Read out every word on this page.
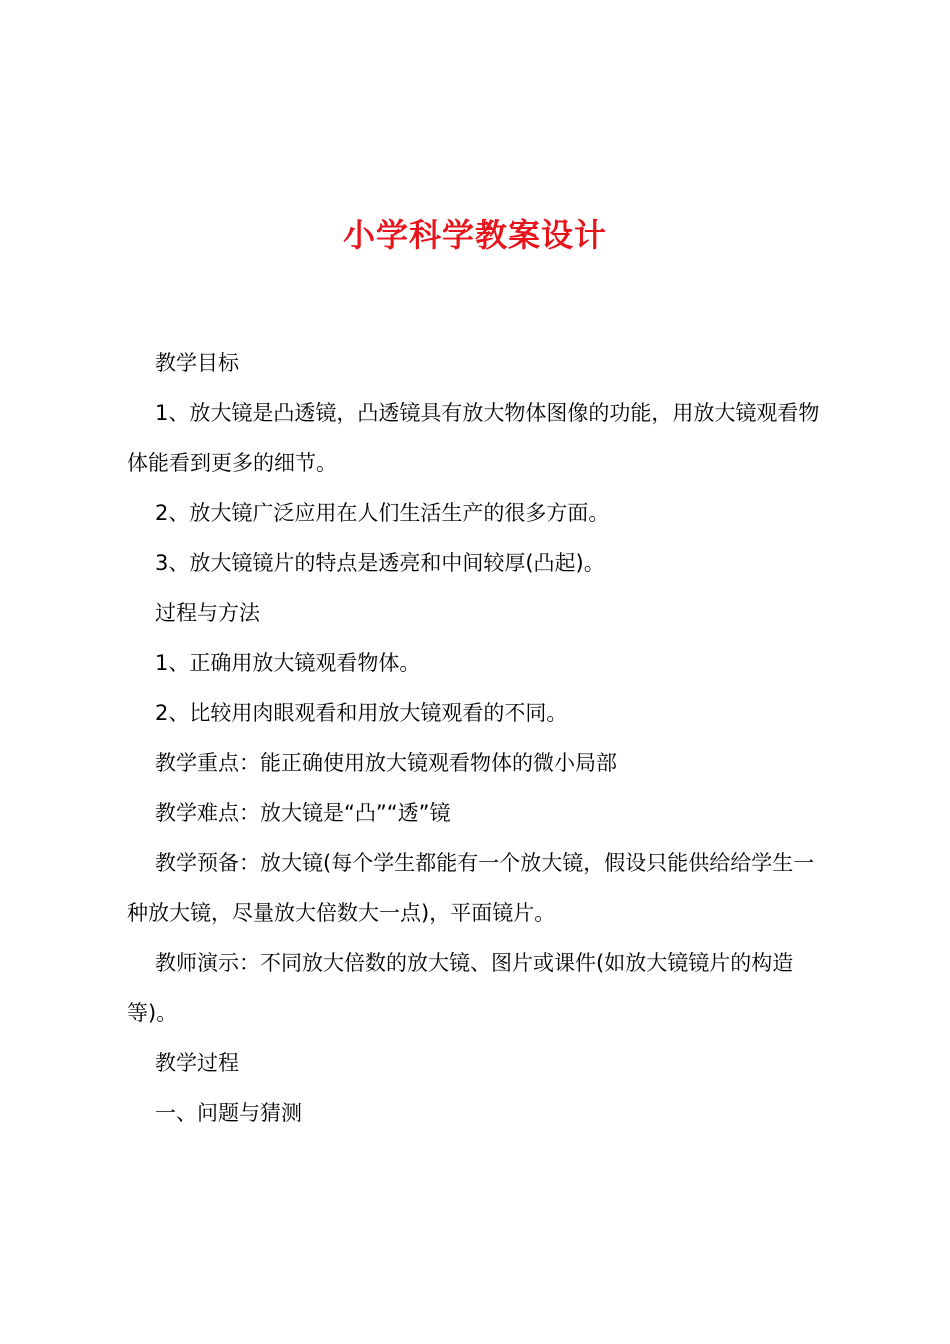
小学科学教案设计

教学目标

1、放大镜是凸透镜，凸透镜具有放大物体图像的功能，用放大镜观看物体能看到更多的细节。

2、放大镜广泛应用在人们生活生产的很多方面。

3、放大镜镜片的特点是透亮和中间较厚(凸起)。

过程与方法

1、正确用放大镜观看物体。

2、比较用肉眼观看和用放大镜观看的不同。

教学重点：能正确使用放大镜观看物体的微小局部

教学难点：放大镜是“凸”“透”镜

教学预备：放大镜(每个学生都能有一个放大镜，假设只能供给给学生一种放大镜，尽量放大倍数大一点)，平面镜片。

教师演示：不同放大倍数的放大镜、图片或课件(如放大镜镜片的构造等)。

教学过程

一、问题与猜测
